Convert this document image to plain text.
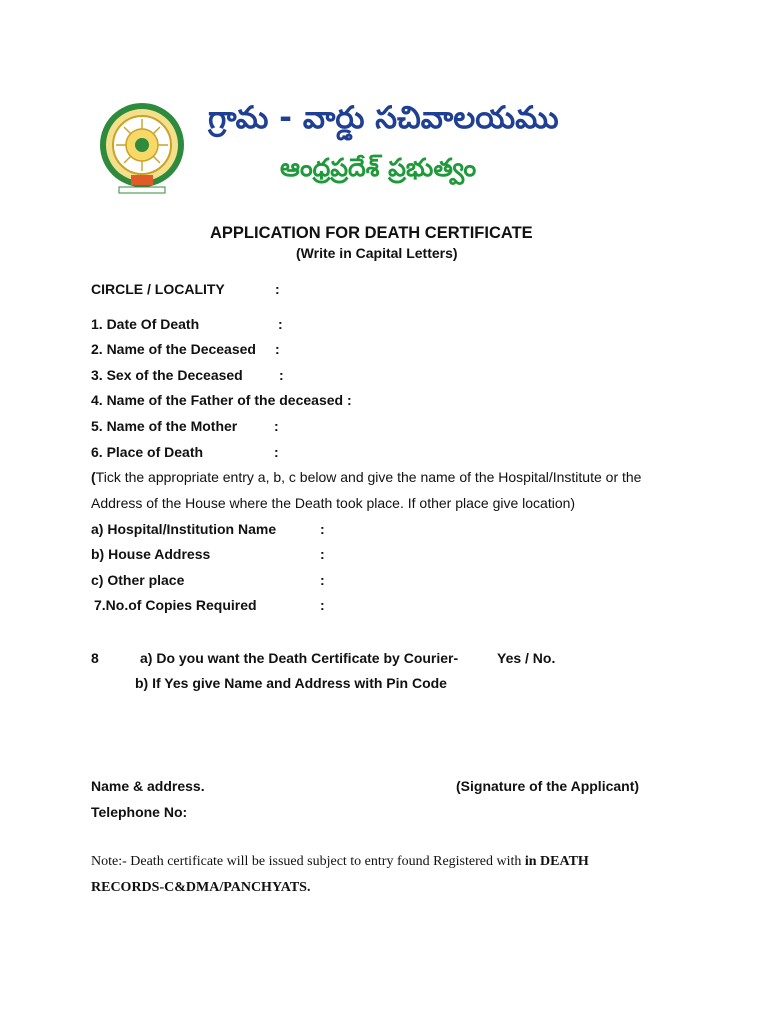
గ్రామ - వార్డు సచివాలయము
ఆంధ్రప్రదేశ్ ప్రభుత్వం
APPLICATION FOR DEATH CERTIFICATE
(Write in Capital Letters)
CIRCLE / LOCALITY	:
1. Date Of Death	:
2. Name of the Deceased :
3. Sex of the Deceased	:
4. Name of the Father of the deceased :
5. Name of the Mother	:
6. Place of Death	:
(Tick the appropriate entry a, b, c below and give the name of the Hospital/Institute or the
Address of the House where the Death took place. If other place give location)
a) Hospital/Institution Name	:
b) House Address	:
c) Other place	:
7.No.of Copies Required	:
8	a) Do you want the Death Certificate by Courier-	Yes / No.
b) If Yes give Name and Address with Pin Code
Name & address.	(Signature of the Applicant)
Telephone No:
Note:- Death certificate will be issued subject to entry found Registered with in DEATH
RECORDS-C&DMA/PANCHYATS.
